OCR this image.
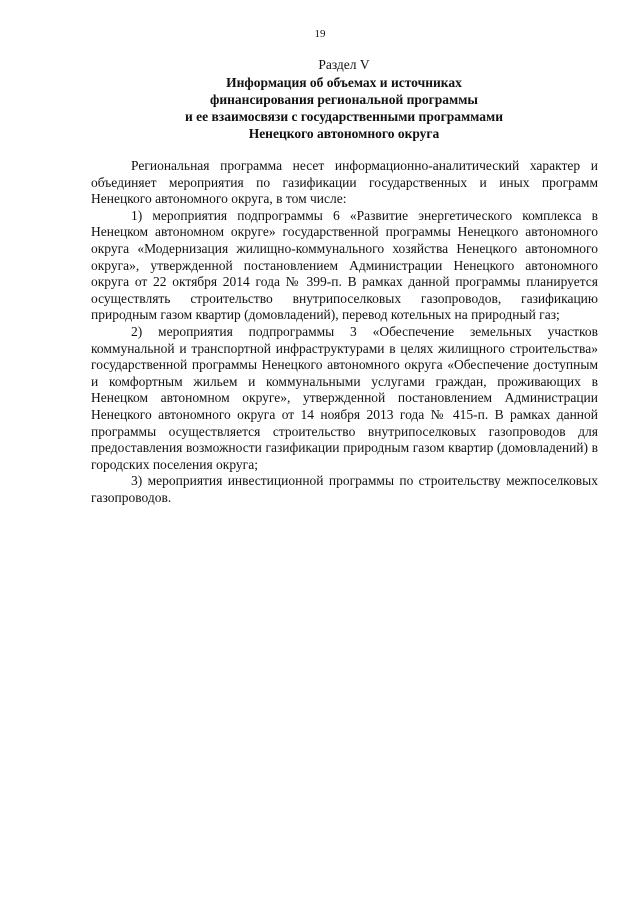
19

Раздел V

Информация об объемах и источниках

финансирования региональной программы

и ее взаимосвязи с государственными программами

Ненецкого автономного округа

Региональная программа несет информационно-аналитический характер и объединяет мероприятия по газификации государственных и иных программ Ненецкого автономного округа, в том числе:

1) мероприятия подпрограммы 6 «Развитие энергетического комплекса в Ненецком автономном округе» государственной программы Ненецкого автономного округа «Модернизация жилищно-коммунального хозяйства Ненецкого автономного округа», утвержденной постановлением Администрации Ненецкого автономного округа от 22 октября 2014 года № 399-п. В рамках данной программы планируется осуществлять строительство внутрипоселковых газопроводов, газификацию природным газом квартир (домовладений), перевод котельных на природный газ;

2) мероприятия подпрограммы 3 «Обеспечение земельных участков коммунальной и транспортной инфраструктурами в целях жилищного строительства» государственной программы Ненецкого автономного округа «Обеспечение доступным и комфортным жильем и коммунальными услугами граждан, проживающих в Ненецком автономном округе», утвержденной постановлением Администрации Ненецкого автономного округа от 14 ноября 2013 года № 415-п. В рамках данной программы осуществляется строительство внутрипоселковых газопроводов для предоставления возможности газификации природным газом квартир (домовладений) в городских поселения округа;

3) мероприятия инвестиционной программы по строительству межпоселковых газопроводов.
